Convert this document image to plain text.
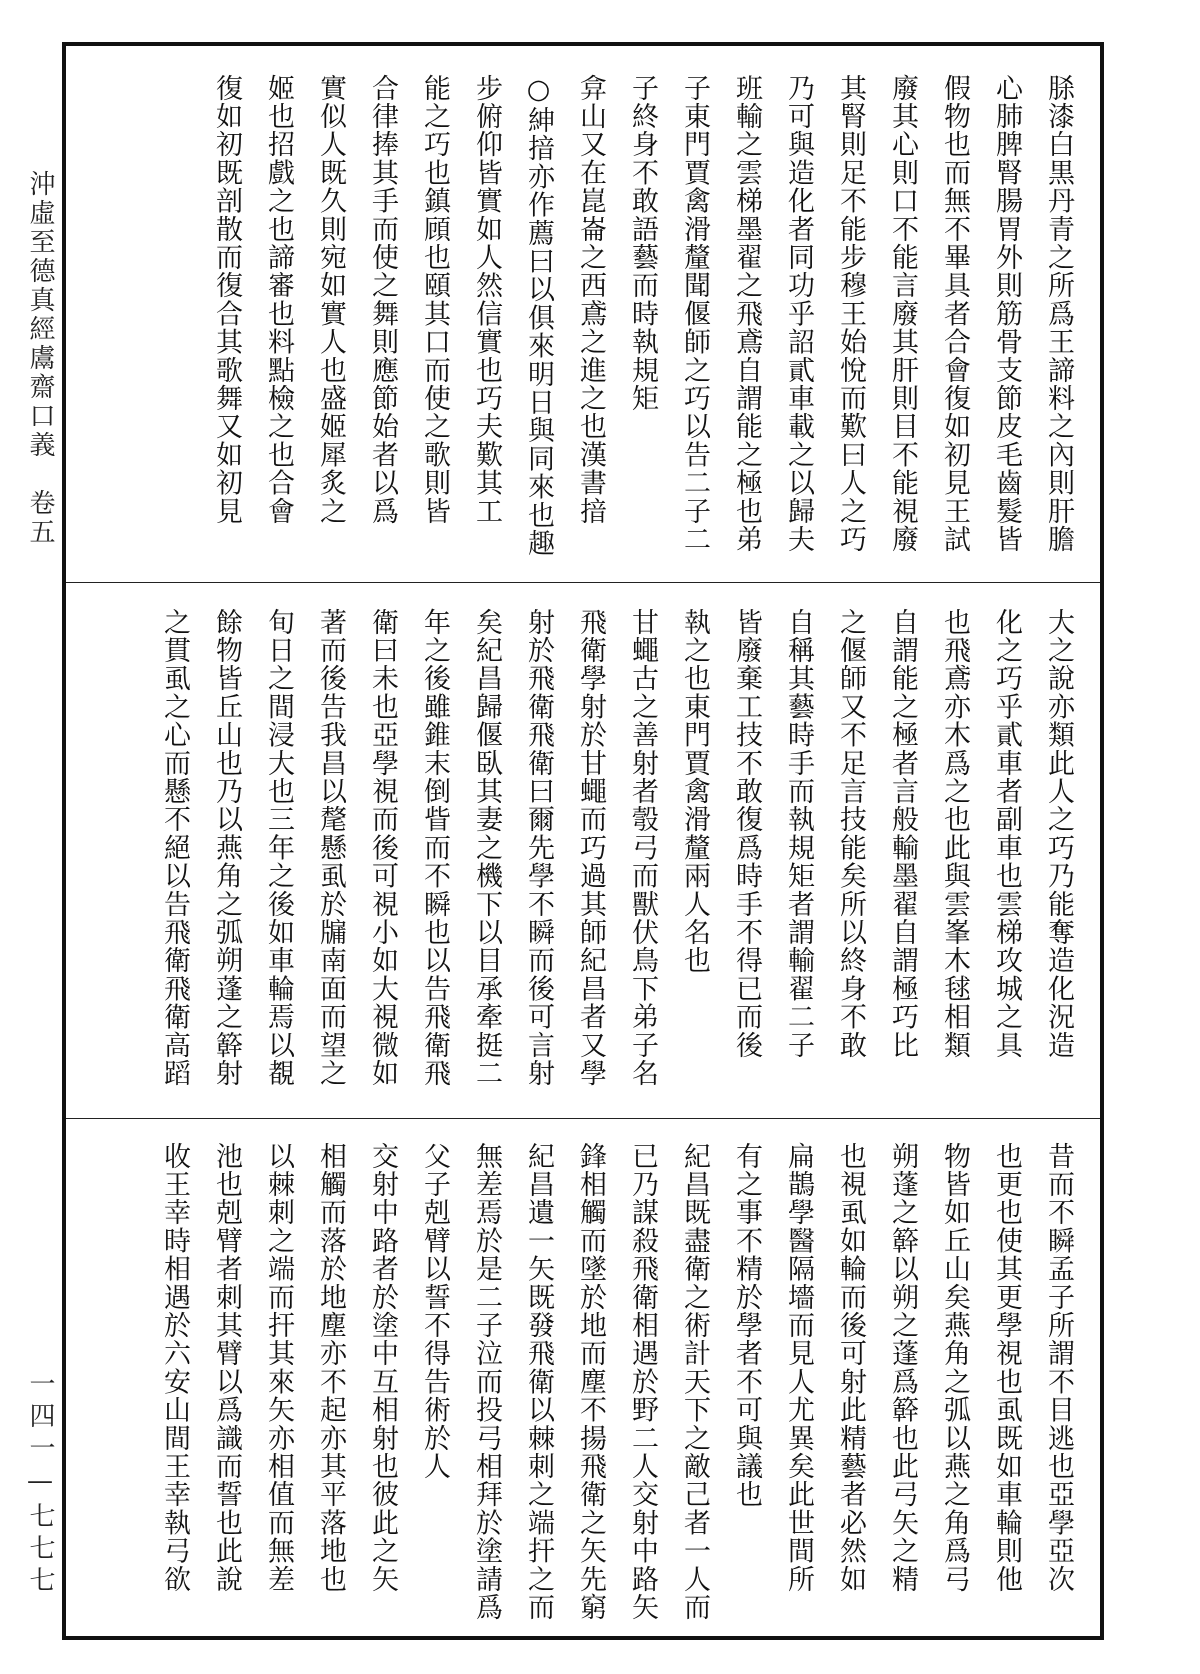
沖虛至德真經鬳齋口義　卷五
一四一—七七七
脎漆白黒丹青之所爲王諦料之內則肝膽
心肺脾腎腸胃外則筋骨支節皮毛齒髮皆
假物也而無不畢具者合會復如初見王試
廢其心則口不能言廢其肝則目不能視廢
其腎則足不能步穆王始悅而歎曰人之巧
乃可與造化者同功乎詔貳車載之以歸夫
班輸之雲梯墨翟之飛鳶自謂能之極也弟
子東門賈禽滑釐聞偃師之巧以告二子二
子終身不敢語藝而時執規矩
弇山又在崑崙之西鳶之進之也漢書揞
○紳揞亦作薦曰以俱來明日與同來也趣
步俯仰皆實如人然信實也巧夫歎其工
能之巧也鎮頋也頤其口而使之歌則皆
合律捧其手而使之舞則應節始者以爲
實似人既久則宛如實人也盛姬犀炙之
姬也招戲之也諦審也料點檢之也合會
復如初既剖散而復合其歌舞又如初見
大之說亦類此人之巧乃能奪造化況造
化之巧乎貳車者副車也雲梯攻城之具
也飛鳶亦木爲之也此與雲峯木毬相類
自謂能之極者言般輸墨翟自謂極巧比
之偃師又不足言技能矣所以終身不敢
自稱其藝時手而執規矩者謂輸翟二子
皆廢棄工技不敢復爲時手不得已而後
執之也東門賈禽滑釐兩人名也
甘蠅古之善射者彀弓而獸伏鳥下弟子名
飛衛學射於甘蠅而巧過其師紀昌者又學
射於飛衛飛衛曰爾先學不瞬而後可言射
矣紀昌歸偃臥其妻之機下以目承牽挺二
年之後雖錐末倒眥而不瞬也以告飛衛飛
衛曰未也亞學視而後可視小如大視微如
著而後告我昌以氂懸虱於牖南面而望之
旬日之間浸大也三年之後如車輪焉以覩
餘物皆丘山也乃以燕角之弧朔蓬之簳射
之貫虱之心而懸不絕以告飛衛飛衛高蹈
昔而不瞬孟子所謂不目逃也亞學亞次
也更也使其更學視也虱既如車輪則他
物皆如丘山矣燕角之弧以燕之角爲弓
朔蓬之簳以朔之蓬爲簳也此弓矢之精
也視虱如輪而後可射此精藝者必然如
扁鵲學醫隔墻而見人尤異矣此世間所
有之事不精於學者不可與議也
紀昌既盡衛之術計天下之敵己者一人而
已乃謀殺飛衛相遇於野二人交射中路矢
鋒相觸而墜於地而塵不揚飛衛之矢先窮
紀昌遺一矢既發飛衛以棘刺之端扞之而
無差焉於是二子泣而投弓相拜於塗請爲
父子剋臂以誓不得告術於人
交射中路者於塗中互相射也彼此之矢
相觸而落於地塵亦不起亦其平落地也
以棘刺之端而扞其來矢亦相值而無差
池也剋臂者刺其臂以爲識而誓也此說
收王幸時相遇於六安山間王幸執弓欲
